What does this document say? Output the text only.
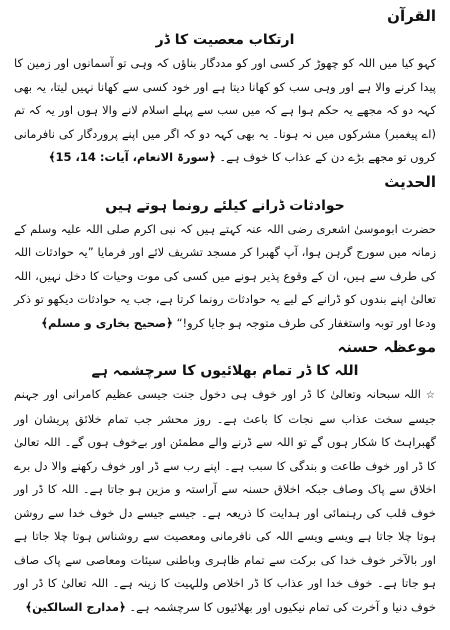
القرآن
ارتکاب معصیت کا ڈر

کہو کیا میں اللہ کو چھوڑ کر کسی اور کو مددگار بناؤں کہ وہی تو آسمانوں اور زمین کا پیدا کرنے والا ہے اور وہی سب کو کھانا دیتا ہے اور خود کسی سے کھانا نہیں لیتا، یہ بھی کہہ دو کہ مجھے یہ حکم ہوا ہے کہ میں سب سے پہلے اسلام لانے والا ہوں اور یہ کہ تم (اے پیغمبر) مشرکوں میں نہ ہونا۔ یہ بھی کہہ دو کہ اگر میں اپنے پروردگار کی نافرمانی کروں تو مجھے بڑے دن کے عذاب کا خوف ہے۔ ﴿سورۃ الانعام، آیات: 14، 15﴾

الحدیث
حوادثات ڈرانے کیلئے رونما ہوتے ہیں

حضرت ابوموسیٰ اشعری رضی اللہ عنہ کہتے ہیں کہ نبی اکرم صلی اللہ علیہ وسلم کے زمانہ میں سورج گرہن ہوا، آپ گھبرا کر مسجد تشریف لائے اور فرمایا ”یہ حوادثات اللہ کی طرف سے ہیں، ان کے وقوع پذیر ہونے میں کسی کی موت وحیات کا دخل نہیں، اللہ تعالیٰ اپنے بندوں کو ڈرانے کے لیے یہ حوادثات رونما کرتا ہے، جب یہ حوادثات دیکھو تو ذکر ودعا اور توبہ واستغفار کی طرف متوجہ ہو جایا کرو!“ ﴿صحیح بخاری و مسلم﴾

موعظہ حسنہ
اللہ کا ڈر تمام بھلائیوں کا سرچشمہ ہے

☆ اللہ سبحانہ وتعالیٰ کا ڈر اور خوف ہی دخول جنت جیسی عظیم کامرانی اور جہنم جیسے سخت عذاب سے نجات کا باعث ہے۔ روز محشر جب تمام خلائق پریشان اور گھبراہٹ کا شکار ہوں گے تو اللہ سے ڈرنے والے مطمئن اور بےخوف ہوں گے۔ اللہ تعالیٰ کا ڈر اور خوف طاعت و بندگی کا سبب ہے۔ اپنے رب سے ڈر اور خوف رکھنے والا دل برے اخلاق سے پاک وصاف جبکہ اخلاق حسنہ سے آراستہ و مزین ہو جاتا ہے۔ اللہ کا ڈر اور خوف قلب کی رہنمائی اور ہدایت کا ذریعہ ہے۔ جیسے جیسے دل خوف خدا سے روشن ہوتا چلا جاتا ہے ویسے ویسے اللہ کی نافرمانی ومعصیت سے روشناس ہوتا چلا جاتا ہے اور بالآخر خوف خدا کی برکت سے تمام ظاہری وباطنی سیئات ومعاصی سے پاک صاف ہو جاتا ہے۔ خوف خدا اور عذاب کا ڈر اخلاص وللہیت کا زینہ ہے۔ اللہ تعالیٰ کا ڈر اور خوف دنیا و آخرت کی تمام نیکیوں اور بھلائیوں کا سرچشمہ ہے۔ ﴿مدارج السالکین﴾
